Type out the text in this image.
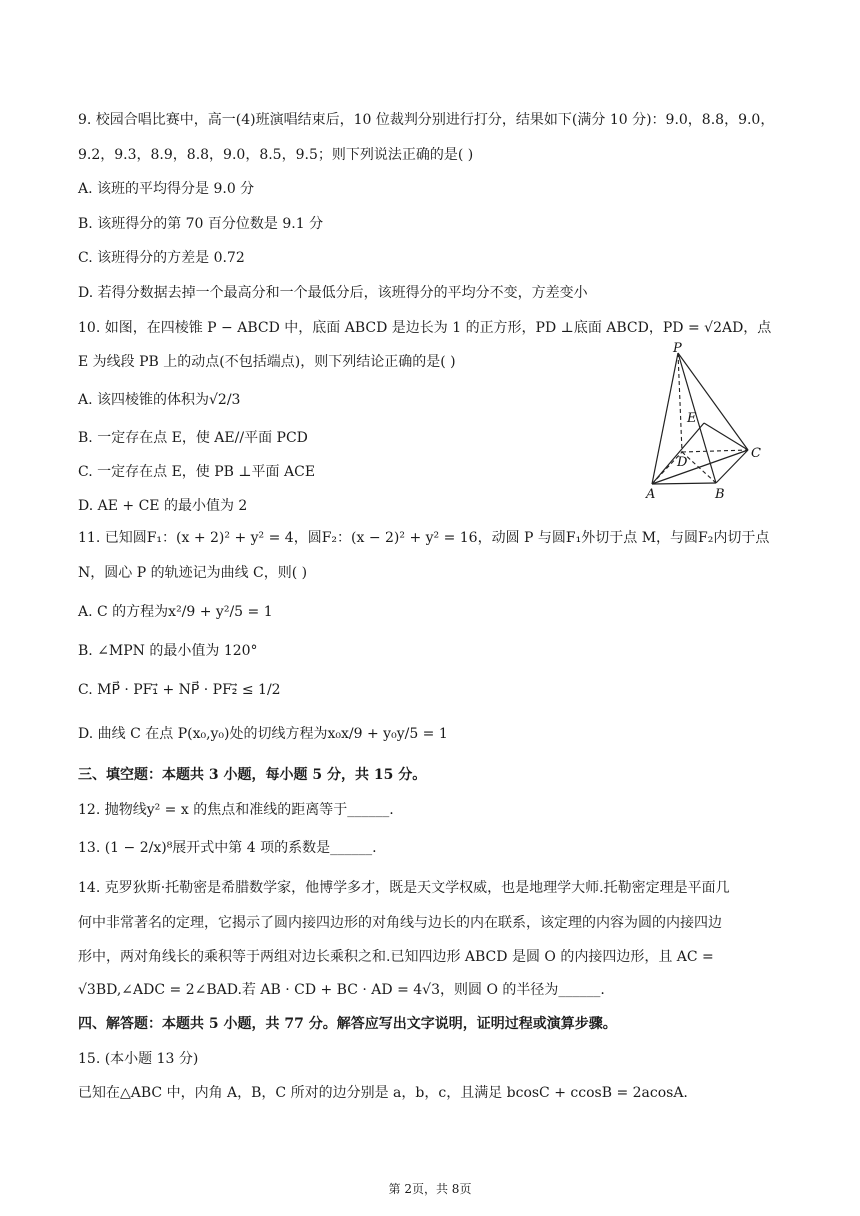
9. 校园合唱比赛中，高一(4)班演唱结束后，10 位裁判分别进行打分，结果如下(满分 10 分)：9.0，8.8，9.0，
9.2，9.3，8.9，8.8，9.0，8.5，9.5；则下列说法正确的是( )
A. 该班的平均得分是 9.0 分
B. 该班得分的第 70 百分位数是 9.1 分
C. 该班得分的方差是 0.72
D. 若得分数据去掉一个最高分和一个最低分后，该班得分的平均分不变，方差变小
10. 如图，在四棱锥 P − ABCD 中，底面 ABCD 是边长为 1 的正方形，PD ⊥底面 ABCD，PD = √2AD，点
E 为线段 PB 上的动点(不包括端点)，则下列结论正确的是( )
A. 该四棱锥的体积为√2/3
B. 一定存在点 E，使 AE//平面 PCD
C. 一定存在点 E，使 PB ⊥平面 ACE
D. AE + CE 的最小值为 2
P
E
D
C
A	B
11. 已知圆F₁：(x + 2)² + y² = 4，圆F₂：(x − 2)² + y² = 16，动圆 P 与圆F₁外切于点 M，与圆F₂内切于点
N，圆心 P 的轨迹记为曲线 C，则( )
A. C 的方程为x²/9 + y²/5 = 1
B. ∠MPN 的最小值为 120°
C. MP⃗ · PF₁⃗ + NP⃗ · PF₂⃗ ≤ 1/2
D. 曲线 C 在点 P(x₀,y₀)处的切线方程为x₀x/9 + y₀y/5 = 1
三、填空题：本题共 3 小题，每小题 5 分，共 15 分。
12. 抛物线y² = x 的焦点和准线的距离等于______.
13. (1 − 2/x)⁸展开式中第 4 项的系数是______.
14. 克罗狄斯·托勒密是希腊数学家，他博学多才，既是天文学权威，也是地理学大师.托勒密定理是平面几
何中非常著名的定理，它揭示了圆内接四边形的对角线与边长的内在联系，该定理的内容为圆的内接四边
形中，两对角线长的乘积等于两组对边长乘积之和.已知四边形 ABCD 是圆 O 的内接四边形，且 AC =
√3BD,∠ADC = 2∠BAD.若 AB · CD + BC · AD = 4√3，则圆 O 的半径为______.
四、解答题：本题共 5 小题，共 77 分。解答应写出文字说明，证明过程或演算步骤。
15. (本小题 13 分)
已知在△ABC 中，内角 A，B，C 所对的边分别是 a，b，c，且满足 bcosC + ccosB = 2acosA.
第 2页，共 8页
